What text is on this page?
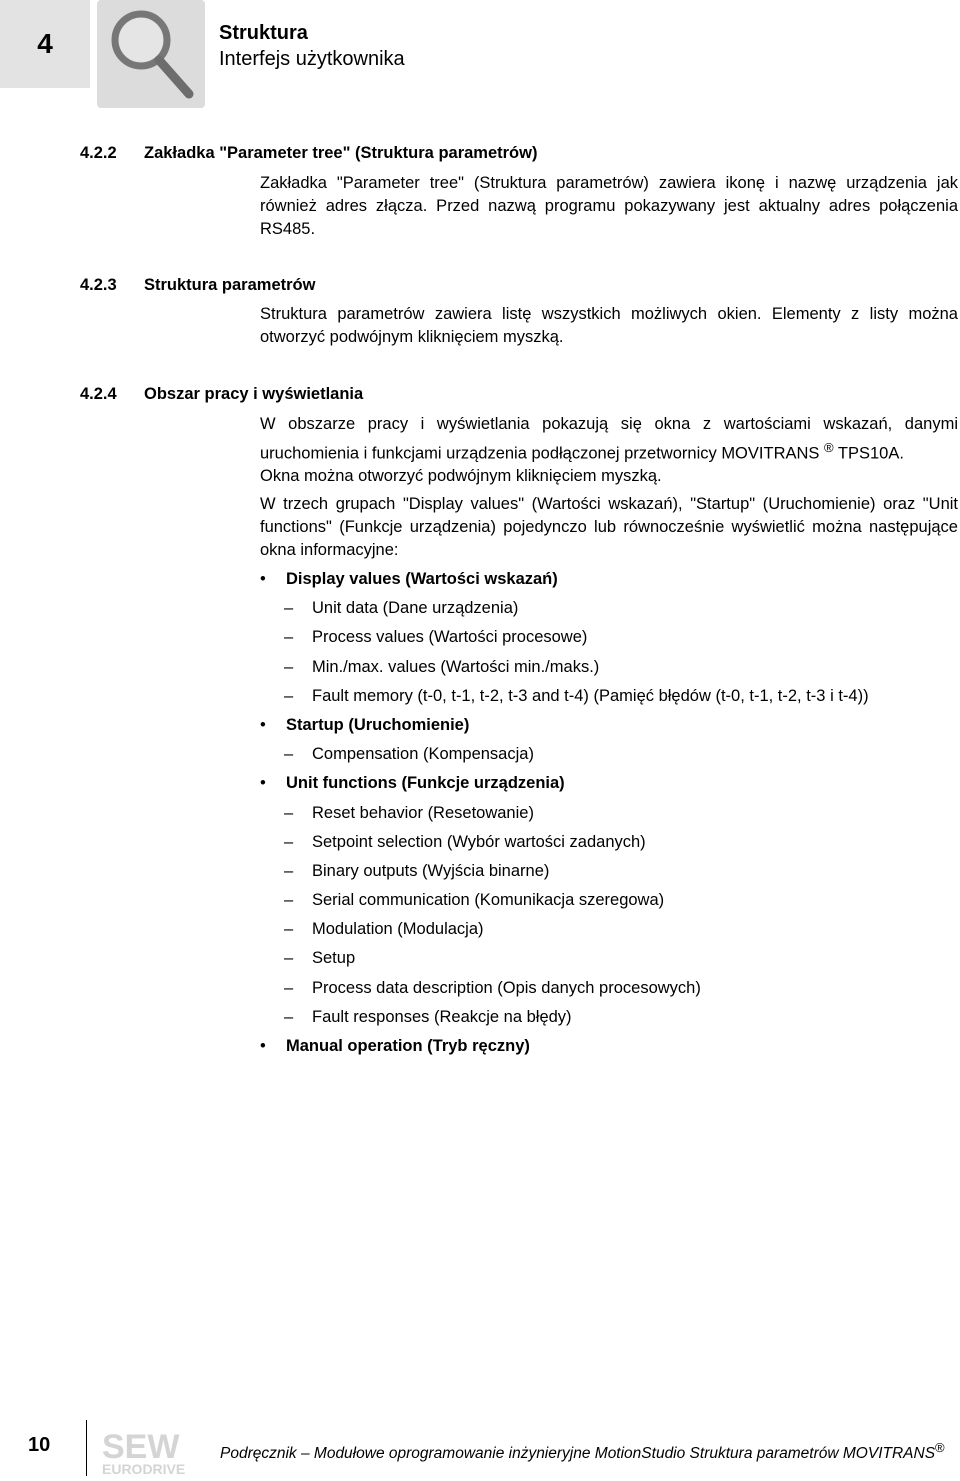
4	Struktura
Interfejs użytkownika
4.2.2 Zakładka "Parameter tree" (Struktura parametrów)
Zakładka "Parameter tree" (Struktura parametrów) zawiera ikonę i nazwę urządzenia jak również adres złącza. Przed nazwą programu pokazywany jest aktualny adres połączenia RS485.
4.2.3 Struktura parametrów
Struktura parametrów zawiera listę wszystkich możliwych okien. Elementy z listy można otworzyć podwójnym kliknięciem myszką.
4.2.4 Obszar pracy i wyświetlania
W obszarze pracy i wyświetlania pokazują się okna z wartościami wskazań, danymi uruchomienia i funkcjami urządzenia podłączonej przetwornicy MOVITRANS ® TPS10A.
Okna można otworzyć podwójnym kliknięciem myszką.
W trzech grupach "Display values" (Wartości wskazań), "Startup" (Uruchomienie) oraz "Unit functions" (Funkcje urządzenia) pojedynczo lub równocześnie wyświetlić można następujące okna informacyjne:
• Display values (Wartości wskazań)
– Unit data (Dane urządzenia)
– Process values (Wartości procesowe)
– Min./max. values (Wartości min./maks.)
– Fault memory (t-0, t-1, t-2, t-3 and t-4) (Pamięć błędów (t-0, t-1, t-2, t-3 i t-4))
• Startup (Uruchomienie)
– Compensation (Kompensacja)
• Unit functions (Funkcje urządzenia)
– Reset behavior (Resetowanie)
– Setpoint selection (Wybór wartości zadanych)
– Binary outputs (Wyjścia binarne)
– Serial communication (Komunikacja szeregowa)
– Modulation (Modulacja)
– Setup
– Process data description (Opis danych procesowych)
– Fault responses (Reakcje na błędy)
• Manual operation (Tryb ręczny)
10 SEW
EURODRIVE
Podręcznik – Modułowe oprogramowanie inżynieryjne MotionStudio Struktura parametrów MOVITRANS®
